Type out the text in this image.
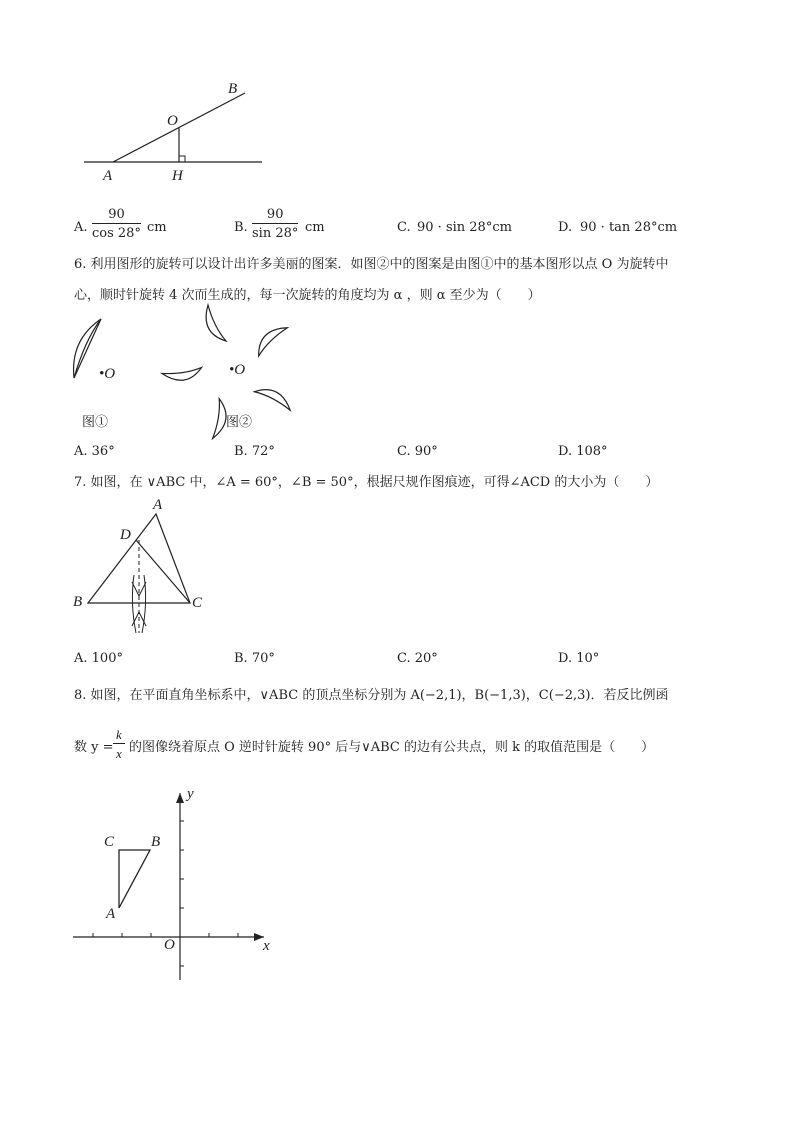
B
O
A	H
A. $\frac{90}{\cos 28^\circ}$ cm	B. $\frac{90}{\sin 28^\circ}$ cm	C. 90 · sin 28°cm	D. 90 · tan 28°cm
6. 利用图形的旋转可以设计出许多美丽的图案．如图②中的图案是由图①中的基本图形以点 O 为旋转中
心，顺时针旋转 4 次而生成的，每一次旋转的角度均为 α ，则 α 至少为（　　）
•O
图①
•O
图②
A. 36°	B. 72°	C. 90°	D. 108°
7. 如图，在 ∨ABC 中，∠A = 60°，∠B = 50°，根据尺规作图痕迹，可得∠ACD 的大小为（　　）
A
D
B	C
A. 100°	B. 70°	C. 20°	D. 10°
8. 如图，在平面直角坐标系中，∨ABC 的顶点坐标分别为 A(−2,1)，B(−1,3)，C(−2,3)．若反比例函
数 $y = \frac{k}{x}$ 的图像绕着原点 O 逆时针旋转 90° 后与∨ABC 的边有公共点，则 k 的取值范围是（　　）
y
x
O
C B
A
